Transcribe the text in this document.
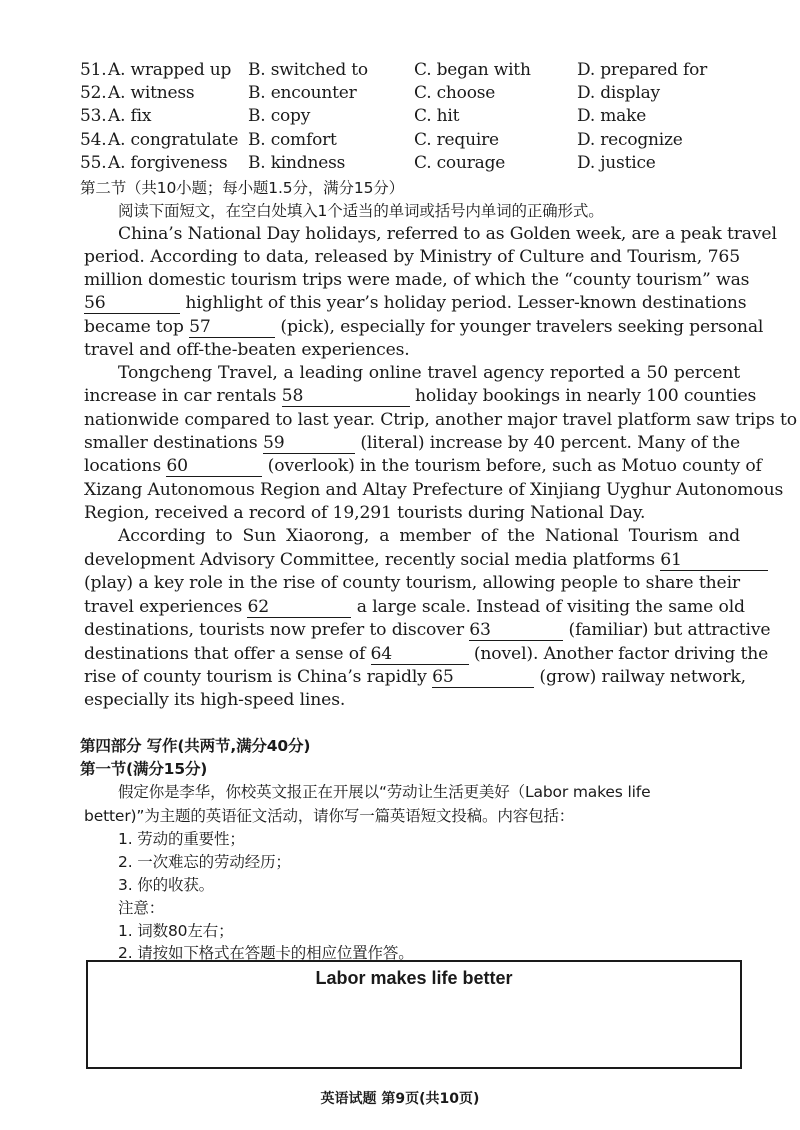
51. A. wrapped up B. switched to	C. began with	D. prepared for
52. A. witness	B. encounter	C. choose	D. display
53. A. fix	B. copy	C. hit	D. make
54. A. congratulate B. comfort	C. require	D. recognize
55. A. forgiveness B. kindness	C. courage	D. justice
第二节（共10小题；每小题1.5分，满分15分）
阅读下面短文，在空白处填入1个适当的单词或括号内单词的正确形式。
China’s National Day holidays, referred to as Golden week, are a peak travel
period. According to data, released by Ministry of Culture and Tourism, 765
million domestic tourism trips were made, of which the “county tourism” was
56	highlight of this year’s holiday period. Lesser-known destinations
became top 57	(pick), especially for younger travelers seeking personal
travel and off-the-beaten experiences.
Tongcheng Travel, a leading online travel agency reported a 50 percent
increase in car rentals 58	holiday bookings in nearly 100 counties
nationwide compared to last year. Ctrip, another major travel platform saw trips to
smaller destinations 59	(literal) increase by 40 percent. Many of the
locations 60	(overlook) in the tourism before, such as Motuo county of
Xizang Autonomous Region and Altay Prefecture of Xinjiang Uyghur Autonomous
Region, received a record of 19,291 tourists during National Day.
According to Sun Xiaorong, a member of the National Tourism and
development Advisory Committee, recently social media platforms 61
(play) a key role in the rise of county tourism, allowing people to share their
travel experiences 62	a large scale. Instead of visiting the same old
destinations, tourists now prefer to discover 63	(familiar) but attractive
destinations that offer a sense of 64	(novel). Another factor driving the
rise of county tourism is China’s rapidly 65	(grow) railway network,
especially its high-speed lines.
第四部分 写作(共两节,满分40分)
第一节(满分15分)
假定你是李华，你校英文报正在开展以“劳动让生活更美好（Labor makes life
better)”为主题的英语征文活动，请你写一篇英语短文投稿。内容包括：
1. 劳动的重要性；
2. 一次难忘的劳动经历；
3. 你的收获。
注意：
1. 词数80左右；
2. 请按如下格式在答题卡的相应位置作答。
Labor makes life better
英语试题 第9页(共10页)
